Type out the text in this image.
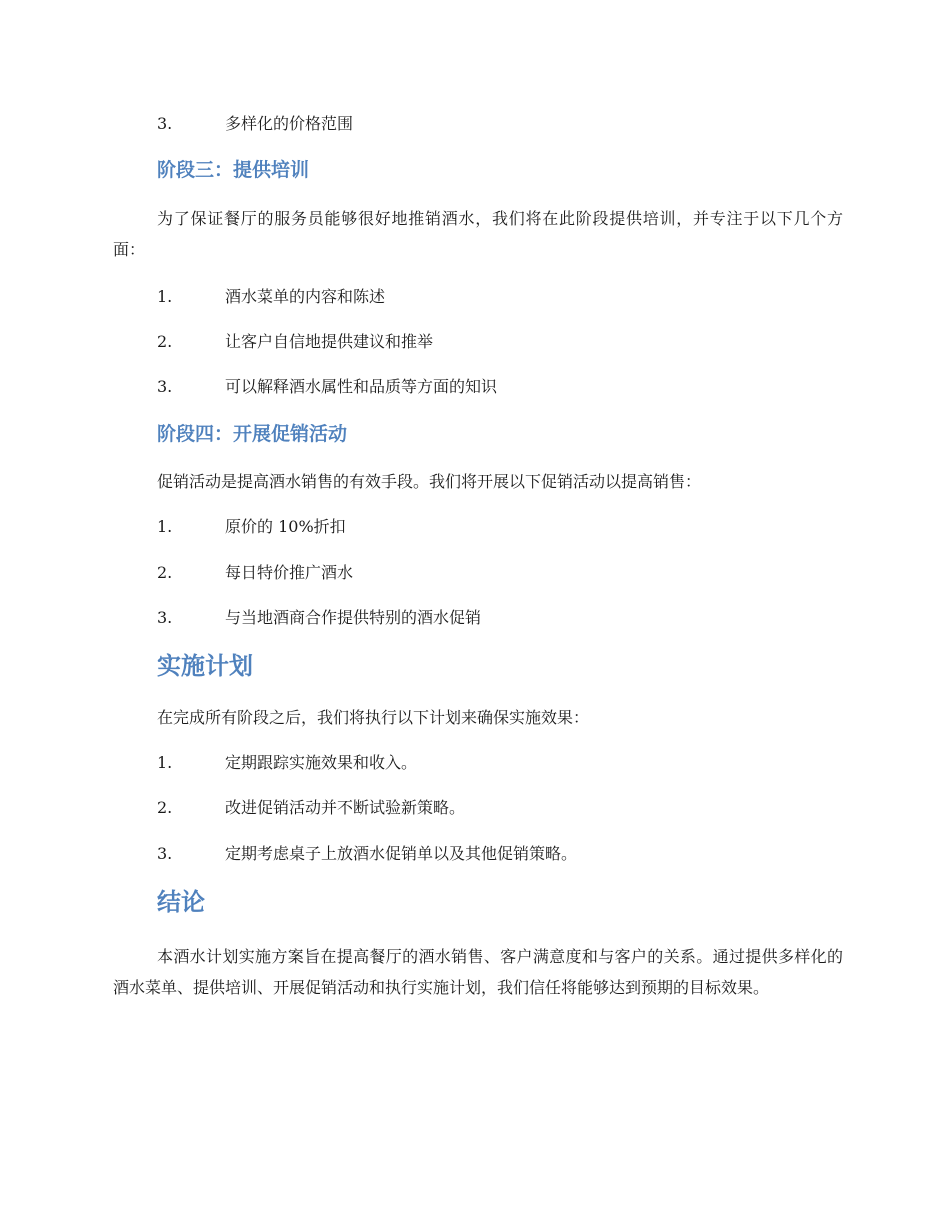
3.	多样化的价格范围
阶段三：提供培训

为了保证餐厅的服务员能够很好地推销酒水，我们将在此阶段提供培训，并专注于以下几个方面：

1.	酒水菜单的内容和陈述
2.	让客户自信地提供建议和推举
3.	可以解释酒水属性和品质等方面的知识
阶段四：开展促销活动
促销活动是提高酒水销售的有效手段。我们将开展以下促销活动以提高销售：
1.	原价的 10%折扣
2.	每日特价推广酒水
3.	与当地酒商合作提供特别的酒水促销
实施计划
在完成所有阶段之后，我们将执行以下计划来确保实施效果：
1.	定期跟踪实施效果和收入。
2.	改进促销活动并不断试验新策略。
3.	定期考虑桌子上放酒水促销单以及其他促销策略。
结论

本酒水计划实施方案旨在提高餐厅的酒水销售、客户满意度和与客户的关系。通过提供多样化的酒水菜单、提供培训、开展促销活动和执行实施计划，我们信任将能够达到预期的目标效果。
